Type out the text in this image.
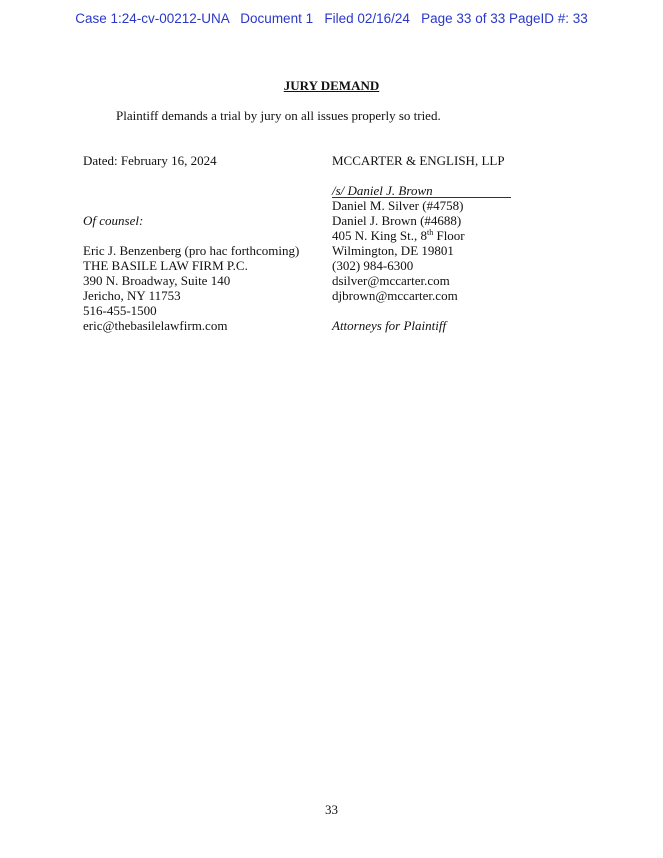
Case 1:24-cv-00212-UNA   Document 1   Filed 02/16/24   Page 33 of 33 PageID #: 33
JURY DEMAND
Plaintiff demands a trial by jury on all issues properly so tried.
Dated: February 16, 2024	MCCARTER & ENGLISH, LLP
/s/ Daniel J. Brown
Daniel M. Silver (#4758)
Daniel J. Brown (#4688)
Of counsel:
405 N. King St., 8th Floor
Eric J. Benzenberg (pro hac forthcoming)	Wilmington, DE 19801
THE BASILE LAW FIRM P.C.	(302) 984-6300
390 N. Broadway, Suite 140	dsilver@mccarter.com
Jericho, NY 11753	djbrown@mccarter.com
516-455-1500
eric@thebasilelawfirm.com	Attorneys for Plaintiff
33
